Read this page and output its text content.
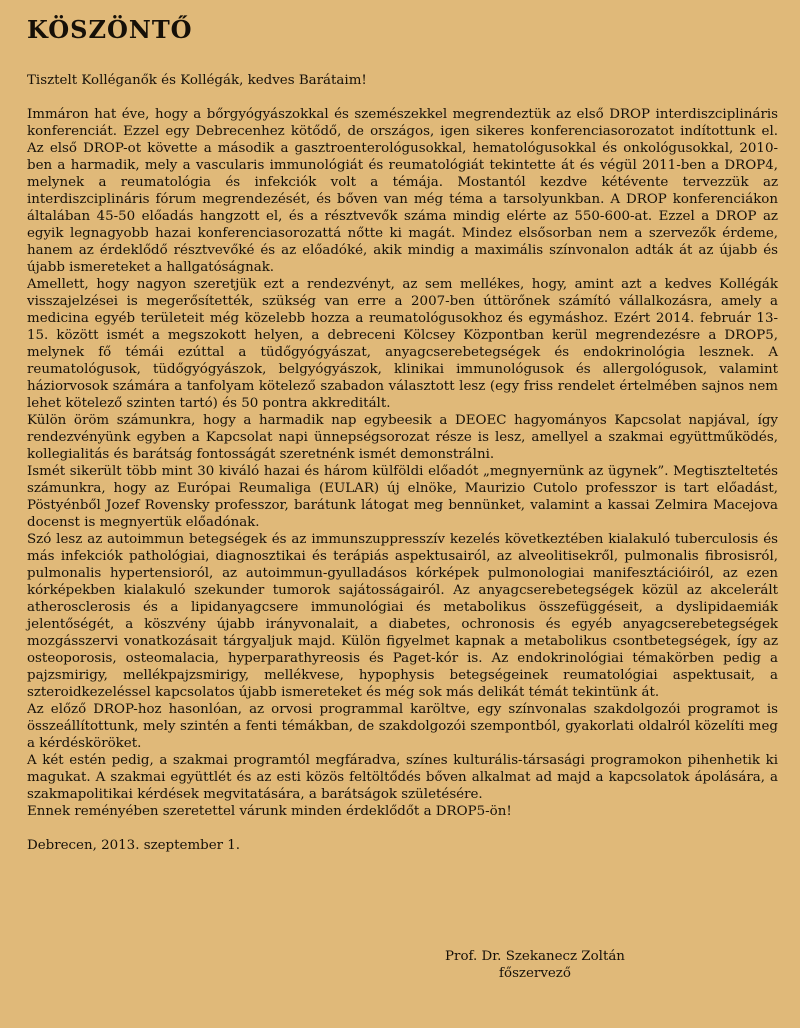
KÖSZÖNTŐ
Tisztelt Kolléganők és Kollégák, kedves Barátaim!

Immáron hat éve, hogy a bőrgyógyászokkal és szemészekkel megrendeztük az első DROP interdiszciplináris konferenciát. Ezzel egy Debrecenhez kötődő, de országos, igen sikeres konferenciasorozatot indítottunk el. Az első DROP-ot követte a második a gasztroenterológusokkal, hematológusokkal és onkológusokkal, 2010-ben a harmadik, mely a vascularis immunológiát és reumatológiát tekintette át és végül 2011-ben a DROP4, melynek a reumatológia és infekciók volt a témája. Mostantól kezdve kétévente tervezzük az interdiszciplináris fórum megrendezését, és bőven van még téma a tarsolyunkban. A DROP konferenciákon általában 45-50 előadás hangzott el, és a résztvevők száma mindig elérte az 550-600-at. Ezzel a DROP az egyik legnagyobb hazai konferenciasorozattá nőtte ki magát. Mindez elsősorban nem a szervezők érdeme, hanem az érdeklődő résztvevőké és az előadóké, akik mindig a maximális színvonalon adták át az újabb és újabb ismereteket a hallgatóságnak.

Amellett, hogy nagyon szeretjük ezt a rendezvényt, az sem mellékes, hogy, amint azt a kedves Kollégák visszajelzései is megerősítették, szükség van erre a 2007-ben úttörőnek számító vállalkozásra, amely a medicina egyéb területeit még közelebb hozza a reumatológusokhoz és egymáshoz. Ezért 2014. február 13-15. között ismét a megszokott helyen, a debreceni Kölcsey Központban kerül megrendezésre a DROP5, melynek fő témái ezúttal a tüdőgyógyászat, anyagcserebetegségek és endokrinológia lesznek. A reumatológusok, tüdőgyógyászok, belgyógyászok, klinikai immunológusok és allergológusok, valamint háziorvosok számára a tanfolyam kötelező szabadon választott lesz (egy friss rendelet értelmében sajnos nem lehet kötelező szinten tartó) és 50 pontra akkreditált.

Külön öröm számunkra, hogy a harmadik nap egybeesik a DEOEC hagyományos Kapcsolat napjával, így rendezvényünk egyben a Kapcsolat napi ünnepségsorozat része is lesz, amellyel a szakmai együttműködés, kollegialitás és barátság fontosságát szeretnénk ismét demonstrálni.

Ismét sikerült több mint 30 kiváló hazai és három külföldi előadót „megnyernünk az ügynek”. Megtiszteltetés számunkra, hogy az Európai Reumaliga (EULAR) új elnöke, Maurizio Cutolo professzor is tart előadást, Pöstyénből Jozef Rovensky professzor, barátunk látogat meg bennünket, valamint a kassai Zelmira Macejova docenst is megnyertük előadónak.

Szó lesz az autoimmun betegségek és az immunszuppresszív kezelés következtében kialakuló tuberculosis és más infekciók pathológiai, diagnosztikai és terápiás aspektusairól, az alveolitisekről, pulmonalis fibrosisról, pulmonalis hypertensioról, az autoimmun-gyulladásos kórképek pulmonologiai manifesztációiról, az ezen kórképekben kialakuló szekunder tumorok sajátosságairól. Az anyagcserebetegségek közül az akcelerált atherosclerosis és a lipidanyagcsere immunológiai és metabolikus összefüggéseit, a dyslipidaemiák jelentőségét, a köszvény újabb irányvonalait, a diabetes, ochronosis és egyéb anyagcserebetegségek mozgásszervi vonatkozásait tárgyaljuk majd. Külön figyelmet kapnak a metabolikus csontbetegségek, így az osteoporosis, osteomalacia, hyperparathyreosis és Paget-kór is. Az endokrinológiai témakörben pedig a pajzsmirigy, mellékpajzsmirigy, mellékvese, hypophysis betegségeinek reumatológiai aspektusait, a szteroidkezeléssel kapcsolatos újabb ismereteket és még sok más delikát témát tekintünk át.

Az előző DROP-hoz hasonlóan, az orvosi programmal karöltve, egy színvonalas szakdolgozói programot is összeállítottunk, mely szintén a fenti témákban, de szakdolgozói szempontból, gyakorlati oldalról közelíti meg a kérdésköröket.

A két estén pedig, a szakmai programtól megfáradva, színes kulturális-társasági programokon pihenhetik ki magukat. A szakmai együttlét és az esti közös feltöltődés bőven alkalmat ad majd a kapcsolatok ápolására, a szakmapolitikai kérdések megvitatására, a barátságok születésére.

Ennek reményében szeretettel várunk minden érdeklődőt a DROP5-ön!

Debrecen, 2013. szeptember 1.
Prof. Dr. Szekanecz Zoltán
főszervező
